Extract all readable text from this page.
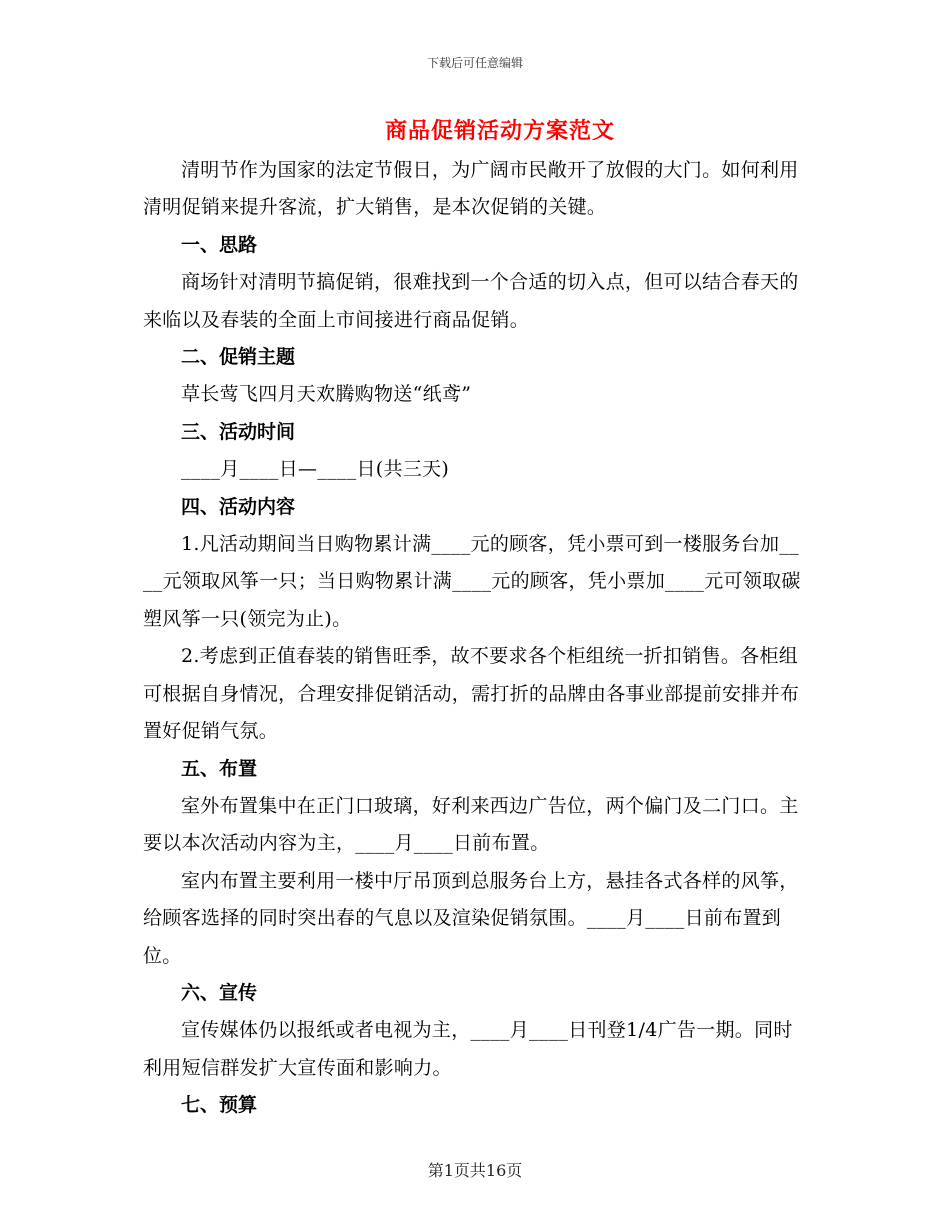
下载后可任意编辑
商品促销活动方案范文

清明节作为国家的法定节假日，为广阔市民敞开了放假的大门。如何利用清明促销来提升客流，扩大销售，是本次促销的关键。

一、思路

商场针对清明节搞促销，很难找到一个合适的切入点，但可以结合春天的来临以及春装的全面上市间接进行商品促销。

二、促销主题

草长莺飞四月天欢腾购物送“纸鸢”

三、活动时间

____月____日—____日(共三天)

四、活动内容

1.凡活动期间当日购物累计满____元的顾客，凭小票可到一楼服务台加____元领取风筝一只；当日购物累计满____元的顾客，凭小票加____元可领取碳塑风筝一只(领完为止)。

2.考虑到正值春装的销售旺季，故不要求各个柜组统一折扣销售。各柜组可根据自身情况，合理安排促销活动，需打折的品牌由各事业部提前安排并布置好促销气氛。

五、布置

室外布置集中在正门口玻璃，好利来西边广告位，两个偏门及二门口。主要以本次活动内容为主，____月____日前布置。

室内布置主要利用一楼中厅吊顶到总服务台上方，悬挂各式各样的风筝，给顾客选择的同时突出春的气息以及渲染促销氛围。____月____日前布置到位。

六、宣传

宣传媒体仍以报纸或者电视为主，____月____日刊登1/4广告一期。同时利用短信群发扩大宣传面和影响力。

七、预算

第1页共16页
